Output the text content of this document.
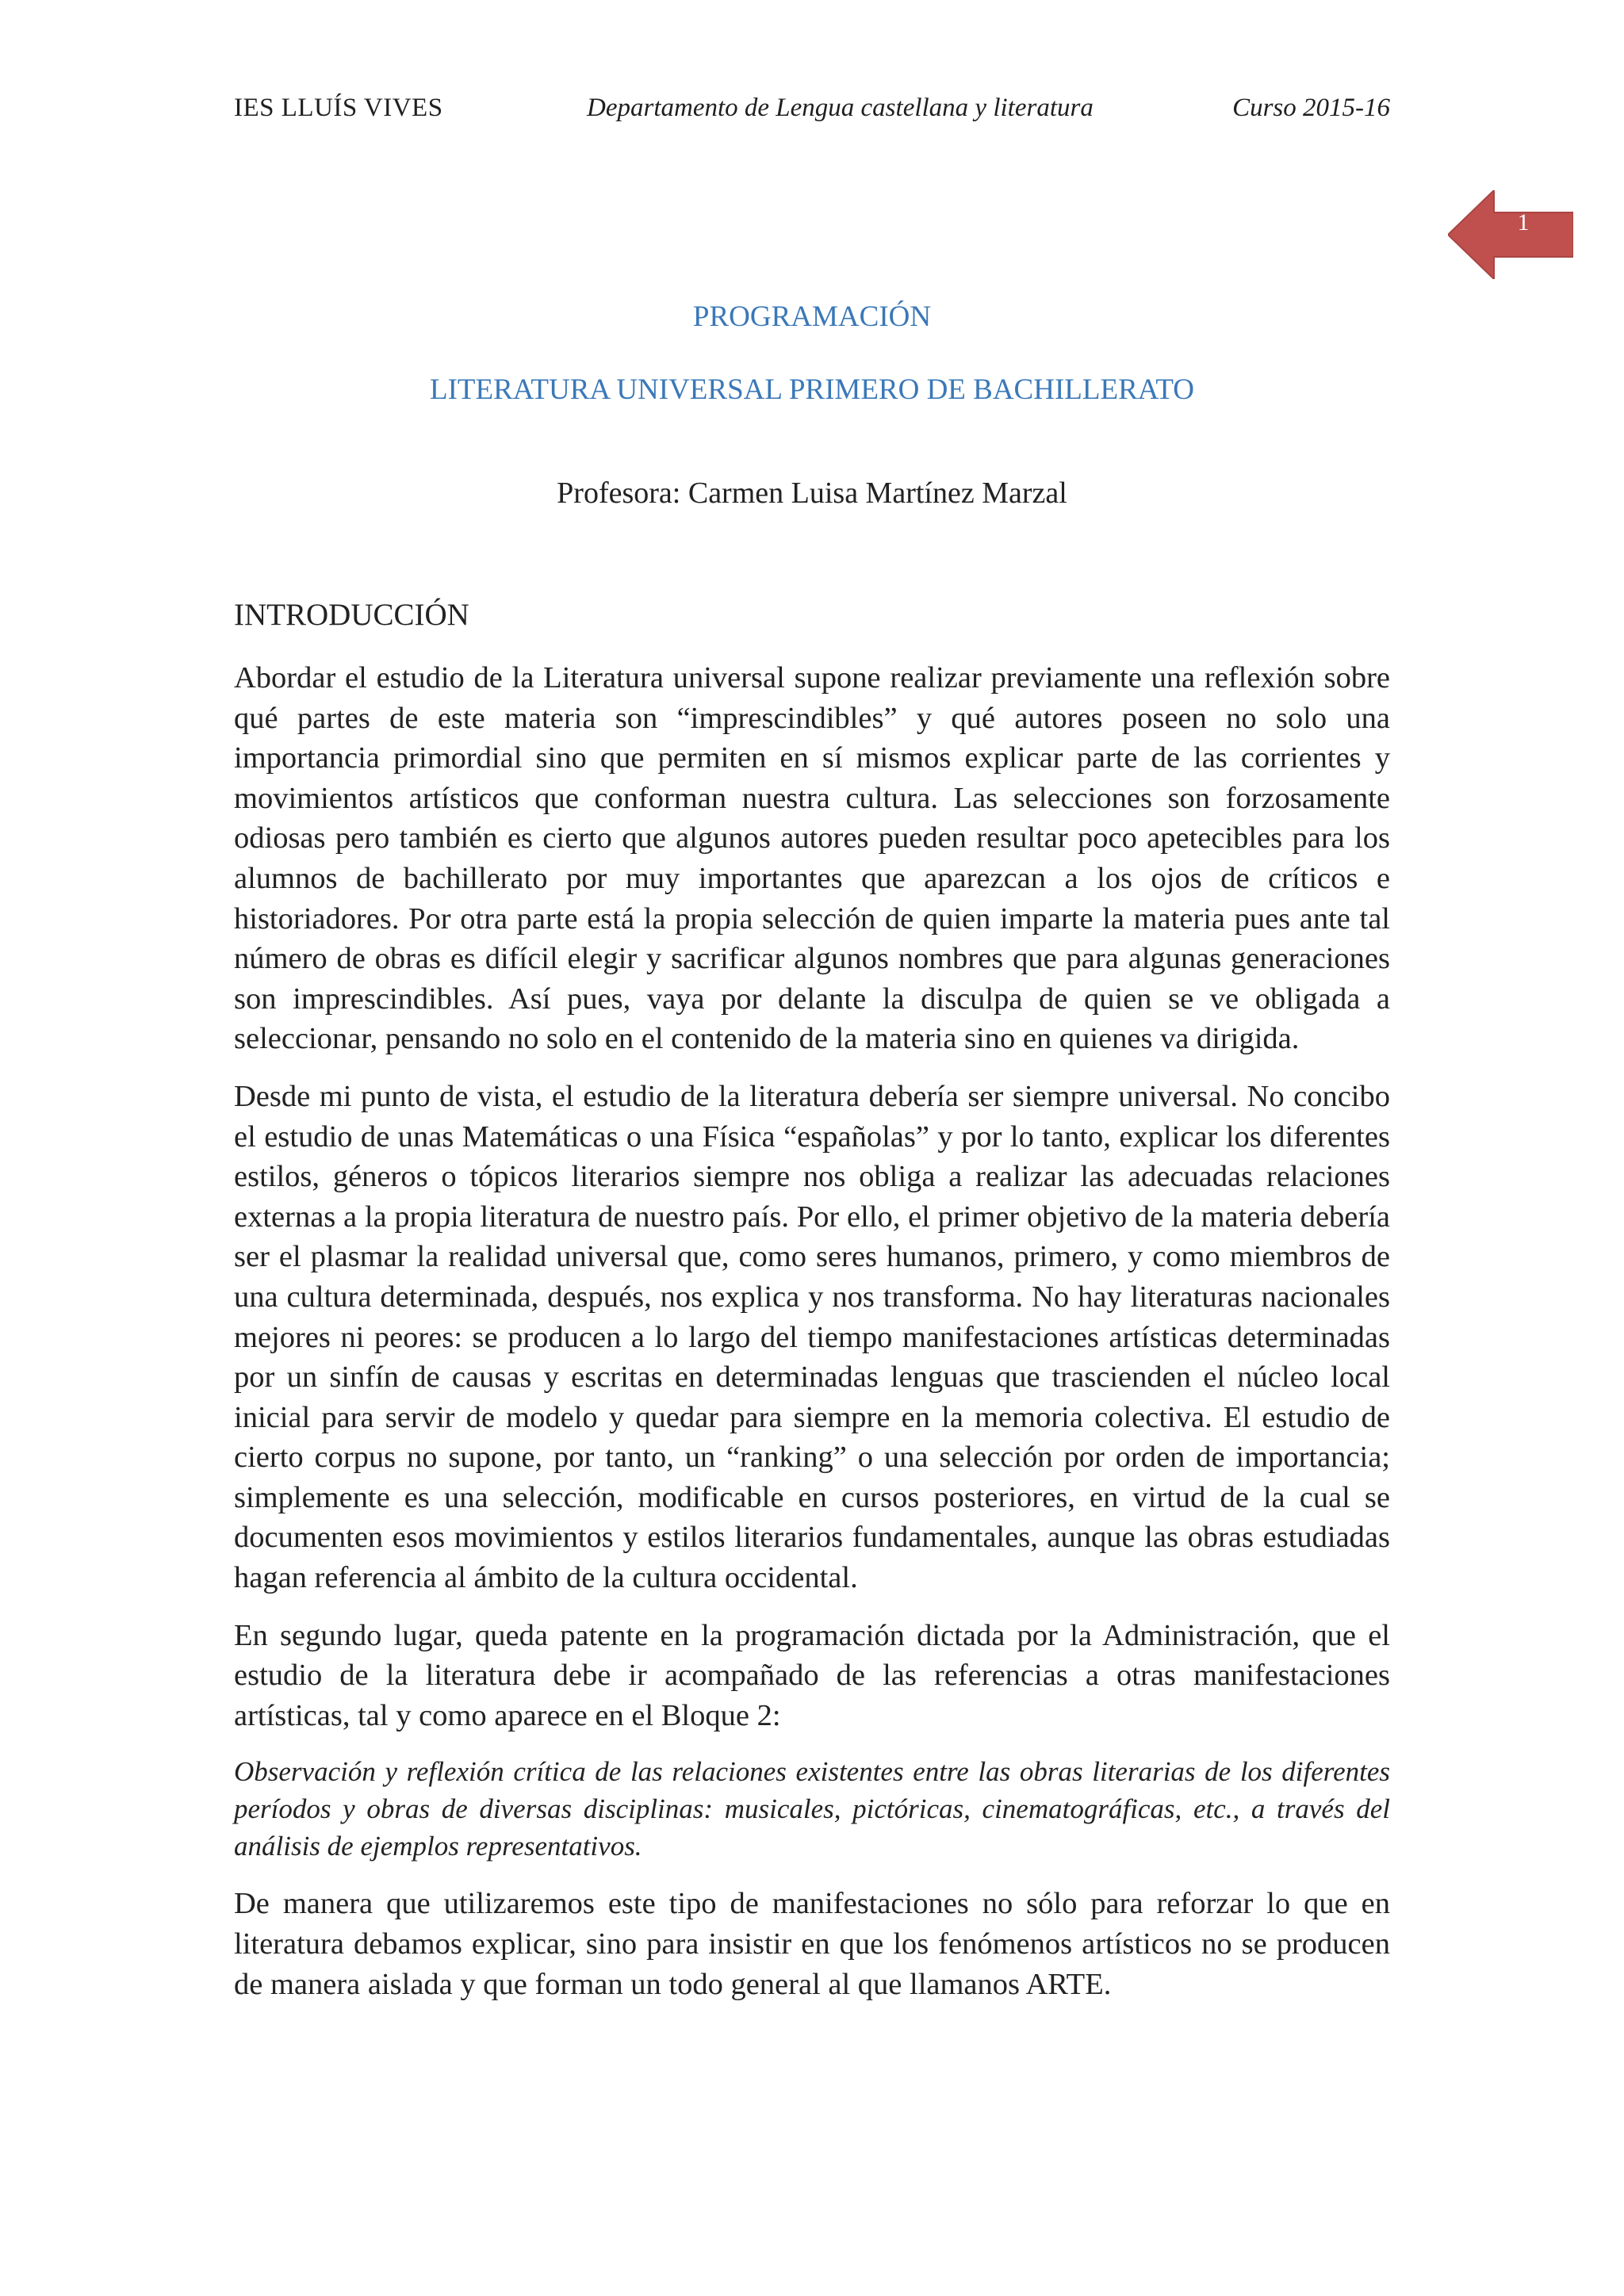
IES LLUÍS VIVES	Departamento de Lengua castellana y literatura	Curso 2015-16
1
PROGRAMACIÓN
LITERATURA UNIVERSAL PRIMERO DE BACHILLERATO
Profesora: Carmen Luisa Martínez Marzal
INTRODUCCIÓN

Abordar el estudio de la Literatura universal supone realizar previamente una reflexión sobre qué partes de este materia son “imprescindibles” y qué autores poseen no solo una importancia primordial sino que permiten en sí mismos explicar parte de las corrientes y movimientos artísticos que conforman nuestra cultura. Las selecciones son forzosamente odiosas pero también es cierto que algunos autores pueden resultar poco apetecibles para los alumnos de bachillerato por muy importantes que aparezcan a los ojos de críticos e historiadores. Por otra parte está la propia selección de quien imparte la materia pues ante tal número de obras es difícil elegir y sacrificar algunos nombres que para algunas generaciones son imprescindibles. Así pues, vaya por delante la disculpa de quien se ve obligada a seleccionar, pensando no solo en el contenido de la materia sino en quienes va dirigida.

Desde mi punto de vista, el estudio de la literatura debería ser siempre universal. No concibo el estudio de unas Matemáticas o una Física “españolas” y por lo tanto, explicar los diferentes estilos, géneros o tópicos literarios siempre nos obliga a realizar las adecuadas relaciones externas a la propia literatura de nuestro país. Por ello, el primer objetivo de la materia debería ser el plasmar la realidad universal que, como seres humanos, primero, y como miembros de una cultura determinada, después, nos explica y nos transforma. No hay literaturas nacionales mejores ni peores: se producen a lo largo del tiempo manifestaciones artísticas determinadas por un sinfín de causas y escritas en determinadas lenguas que trascienden el núcleo local inicial para servir de modelo y quedar para siempre en la memoria colectiva. El estudio de cierto corpus no supone, por tanto, un “ranking” o una selección por orden de importancia; simplemente es una selección, modificable en cursos posteriores, en virtud de la cual se documenten esos movimientos y estilos literarios fundamentales, aunque las obras estudiadas hagan referencia al ámbito de la cultura occidental.

En segundo lugar, queda patente en la programación dictada por la Administración, que el estudio de la literatura debe ir acompañado de las referencias a otras manifestaciones artísticas, tal y como aparece en el Bloque 2:

Observación y reflexión crítica de las relaciones existentes entre las obras literarias de los diferentes períodos y obras de diversas disciplinas: musicales, pictóricas, cinematográficas, etc., a través del análisis de ejemplos representativos.

De manera que utilizaremos este tipo de manifestaciones no sólo para reforzar lo que en literatura debamos explicar, sino para insistir en que los fenómenos artísticos no se producen de manera aislada y que forman un todo general al que llamanos ARTE.
